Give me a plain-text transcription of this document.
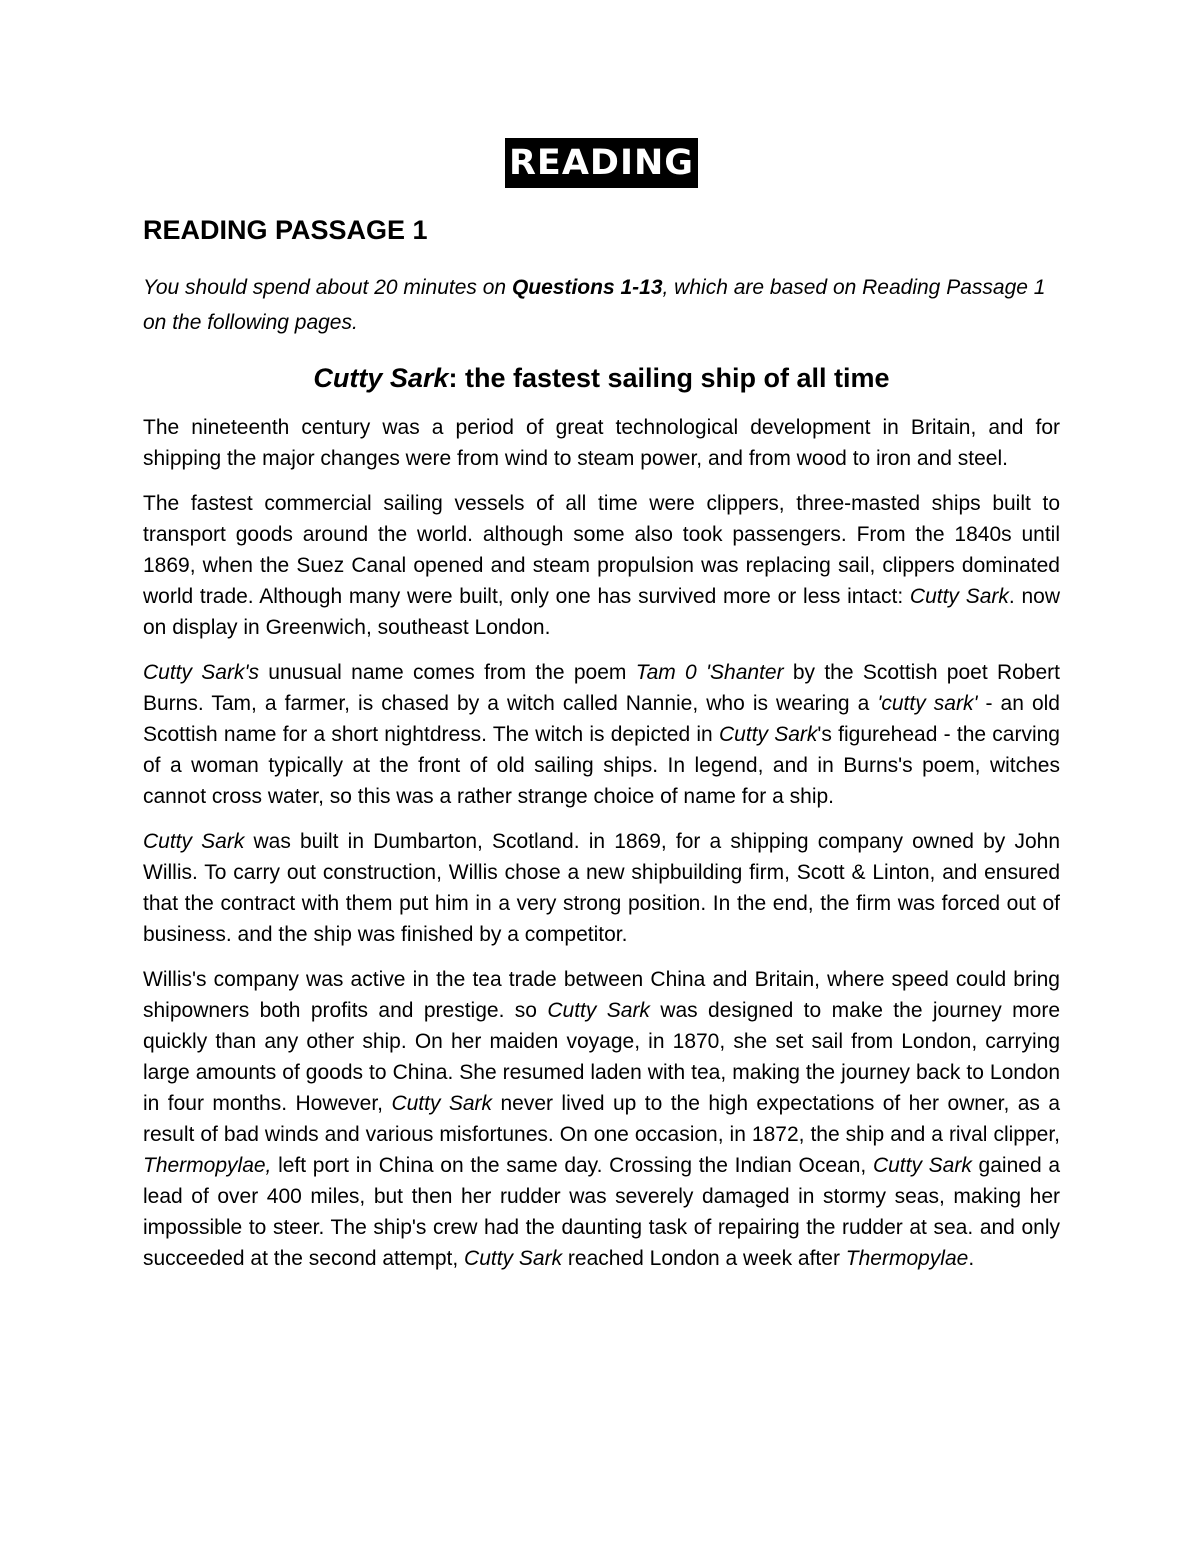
READING
READING PASSAGE 1

You should spend about 20 minutes on Questions 1-13, which are based on Reading Passage 1 on the following pages.

Cutty Sark: the fastest sailing ship of all time

The nineteenth century was a period of great technological development in Britain, and for shipping the major changes were from wind to steam power, and from wood to iron and steel.

The fastest commercial sailing vessels of all time were clippers, three-masted ships built to transport goods around the world. although some also took passengers. From the 1840s until 1869, when the Suez Canal opened and steam propulsion was replacing sail, clippers dominated world trade. Although many were built, only one has survived more or less intact: Cutty Sark. now on display in Greenwich, southeast London.

Cutty Sark's unusual name comes from the poem Tam 0 'Shanter by the Scottish poet Robert Burns. Tam, a farmer, is chased by a witch called Nannie, who is wearing a 'cutty sark' - an old Scottish name for a short nightdress. The witch is depicted in Cutty Sark's figurehead - the carving of a woman typically at the front of old sailing ships. In legend, and in Burns's poem, witches cannot cross water, so this was a rather strange choice of name for a ship.

Cutty Sark was built in Dumbarton, Scotland. in 1869, for a shipping company owned by John Willis. To carry out construction, Willis chose a new shipbuilding firm, Scott & Linton, and ensured that the contract with them put him in a very strong position. In the end, the firm was forced out of business. and the ship was finished by a competitor.

Willis's company was active in the tea trade between China and Britain, where speed could bring shipowners both profits and prestige. so Cutty Sark was designed to make the journey more quickly than any other ship. On her maiden voyage, in 1870, she set sail from London, carrying large amounts of goods to China. She resumed laden with tea, making the journey back to London in four months. However, Cutty Sark never lived up to the high expectations of her owner, as a result of bad winds and various misfortunes. On one occasion, in 1872, the ship and a rival clipper, Thermopylae, left port in China on the same day. Crossing the Indian Ocean, Cutty Sark gained a lead of over 400 miles, but then her rudder was severely damaged in stormy seas, making her impossible to steer. The ship's crew had the daunting task of repairing the rudder at sea. and only succeeded at the second attempt, Cutty Sark reached London a week after Thermopylae.
